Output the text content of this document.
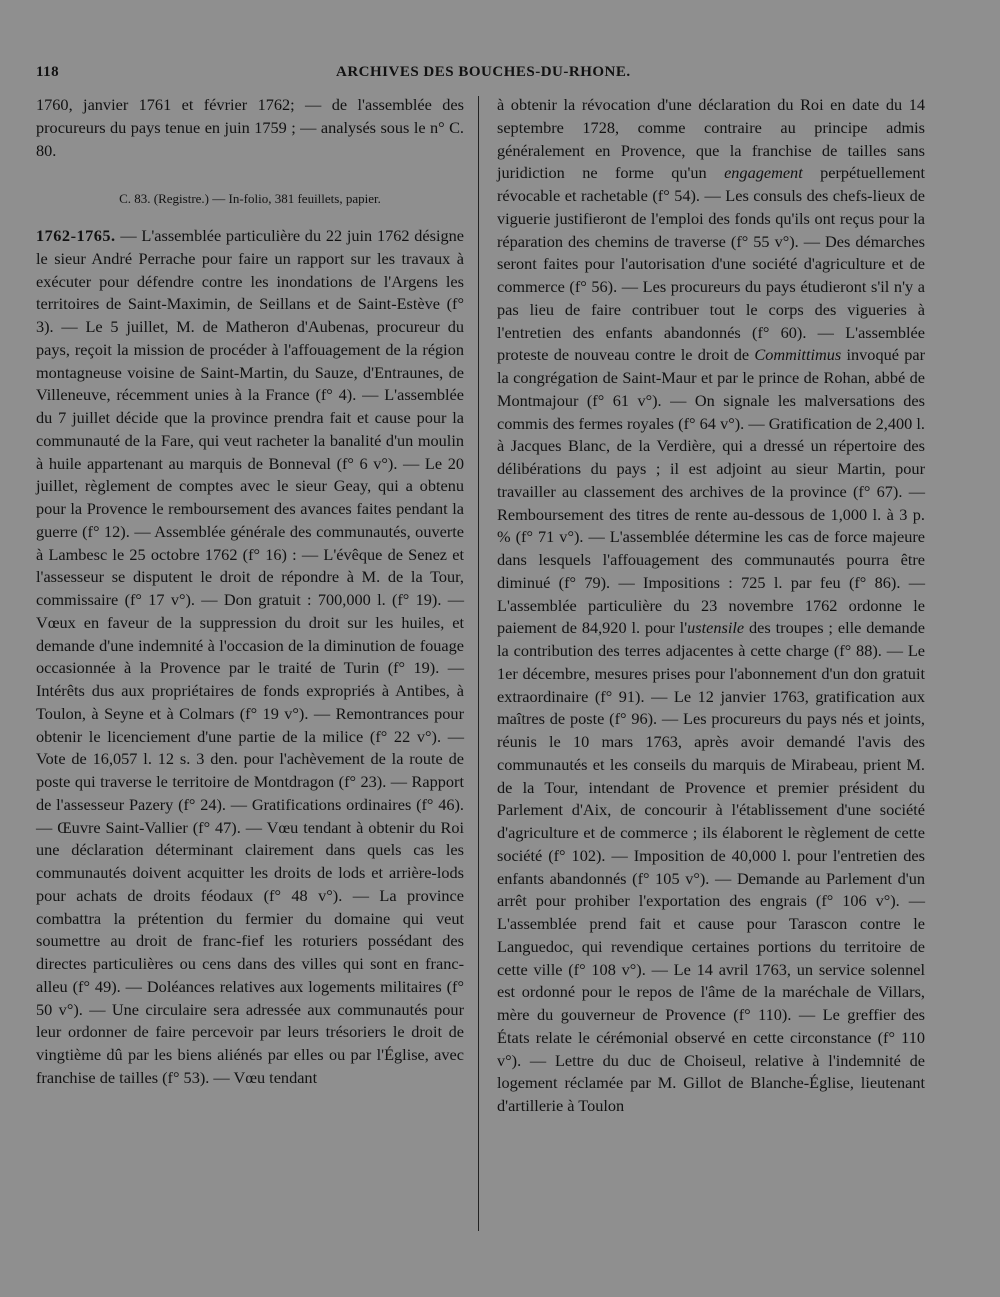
118	ARCHIVES DES BOUCHES-DU-RHONE.

1760, janvier 1761 et février 1762; — de l'assemblée des procureurs du pays tenue en juin 1759 ; — analysés sous le n° C. 80.

C. 83. (Registre.) — In-folio, 381 feuillets, papier.

1762-1765. — L'assemblée particulière du 22 juin 1762 désigne le sieur André Perrache pour faire un rapport sur les travaux à exécuter pour défendre contre les inondations de l'Argens les territoires de Saint-Maximin, de Seillans et de Saint-Estève (f° 3). — Le 5 juillet, M. de Matheron d'Aubenas, procureur du pays, reçoit la mission de procéder à l'affouagement de la région montagneuse voisine de Saint-Martin, du Sauze, d'Entraunes, de Villeneuve, récemment unies à la France (f° 4). — L'assemblée du 7 juillet décide que la province prendra fait et cause pour la communauté de la Fare, qui veut racheter la banalité d'un moulin à huile appartenant au marquis de Bonneval (f° 6 v°). — Le 20 juillet, règlement de comptes avec le sieur Geay, qui a obtenu pour la Provence le remboursement des avances faites pendant la guerre (f° 12). — Assemblée générale des communautés, ouverte à Lambesc le 25 octobre 1762 (f° 16) : — L'évêque de Senez et l'assesseur se disputent le droit de répondre à M. de la Tour, commissaire (f° 17 v°). — Don gratuit : 700,000 l. (f° 19). — Vœux en faveur de la suppression du droit sur les huiles, et demande d'une indemnité à l'occasion de la diminution de fouage occasionnée à la Provence par le traité de Turin (f° 19). — Intérêts dus aux propriétaires de fonds expropriés à Antibes, à Toulon, à Seyne et à Colmars (f° 19 v°). — Remontrances pour obtenir le licenciement d'une partie de la milice (f° 22 v°). — Vote de 16,057 l. 12 s. 3 den. pour l'achèvement de la route de poste qui traverse le territoire de Montdragon (f° 23). — Rapport de l'assesseur Pazery (f° 24). — Gratifications ordinaires (f° 46). — Œuvre Saint-Vallier (f° 47). — Vœu tendant à obtenir du Roi une déclaration déterminant clairement dans quels cas les communautés doivent acquitter les droits de lods et arrière-lods pour achats de droits féodaux (f° 48 v°). — La province combattra la prétention du fermier du domaine qui veut soumettre au droit de franc-fief les roturiers possédant des directes particulières ou cens dans des villes qui sont en franc-alleu (f° 49). — Doléances relatives aux logements militaires (f° 50 v°). — Une circulaire sera adressée aux communautés pour leur ordonner de faire percevoir par leurs trésoriers le droit de vingtième dû par les biens aliénés par elles ou par l'Église, avec franchise de tailles (f° 53). — Vœu tendant

à obtenir la révocation d'une déclaration du Roi en date du 14 septembre 1728, comme contraire au principe admis généralement en Provence, que la franchise de tailles sans juridiction ne forme qu'un engagement perpétuellement révocable et rachetable (f° 54). — Les consuls des chefs-lieux de viguerie justifieront de l'emploi des fonds qu'ils ont reçus pour la réparation des chemins de traverse (f° 55 v°). — Des démarches seront faites pour l'autorisation d'une société d'agriculture et de commerce (f° 56). — Les procureurs du pays étudieront s'il n'y a pas lieu de faire contribuer tout le corps des vigueries à l'entretien des enfants abandonnés (f° 60). — L'assemblée proteste de nouveau contre le droit de Committimus invoqué par la congrégation de Saint-Maur et par le prince de Rohan, abbé de Montmajour (f° 61 v°). — On signale les malversations des commis des fermes royales (f° 64 v°). — Gratification de 2,400 l. à Jacques Blanc, de la Verdière, qui a dressé un répertoire des délibérations du pays ; il est adjoint au sieur Martin, pour travailler au classement des archives de la province (f° 67). — Remboursement des titres de rente au-dessous de 1,000 l. à 3 p. % (f° 71 v°). — L'assemblée détermine les cas de force majeure dans lesquels l'affouagement des communautés pourra être diminué (f° 79). — Impositions : 725 l. par feu (f° 86). — L'assemblée particulière du 23 novembre 1762 ordonne le paiement de 84,920 l. pour l'ustensile des troupes ; elle demande la contribution des terres adjacentes à cette charge (f° 88). — Le 1er décembre, mesures prises pour l'abonnement d'un don gratuit extraordinaire (f° 91). — Le 12 janvier 1763, gratification aux maîtres de poste (f° 96). — Les procureurs du pays nés et joints, réunis le 10 mars 1763, après avoir demandé l'avis des communautés et les conseils du marquis de Mirabeau, prient M. de la Tour, intendant de Provence et premier président du Parlement d'Aix, de concourir à l'établissement d'une société d'agriculture et de commerce ; ils élaborent le règlement de cette société (f° 102). — Imposition de 40,000 l. pour l'entretien des enfants abandonnés (f° 105 v°). — Demande au Parlement d'un arrêt pour prohiber l'exportation des engrais (f° 106 v°). — L'assemblée prend fait et cause pour Tarascon contre le Languedoc, qui revendique certaines portions du territoire de cette ville (f° 108 v°). — Le 14 avril 1763, un service solennel est ordonné pour le repos de l'âme de la maréchale de Villars, mère du gouverneur de Provence (f° 110). — Le greffier des États relate le cérémonial observé en cette circonstance (f° 110 v°). — Lettre du duc de Choiseul, relative à l'indemnité de logement réclamée par M. Gillot de Blanche-Église, lieutenant d'artillerie à Toulon
